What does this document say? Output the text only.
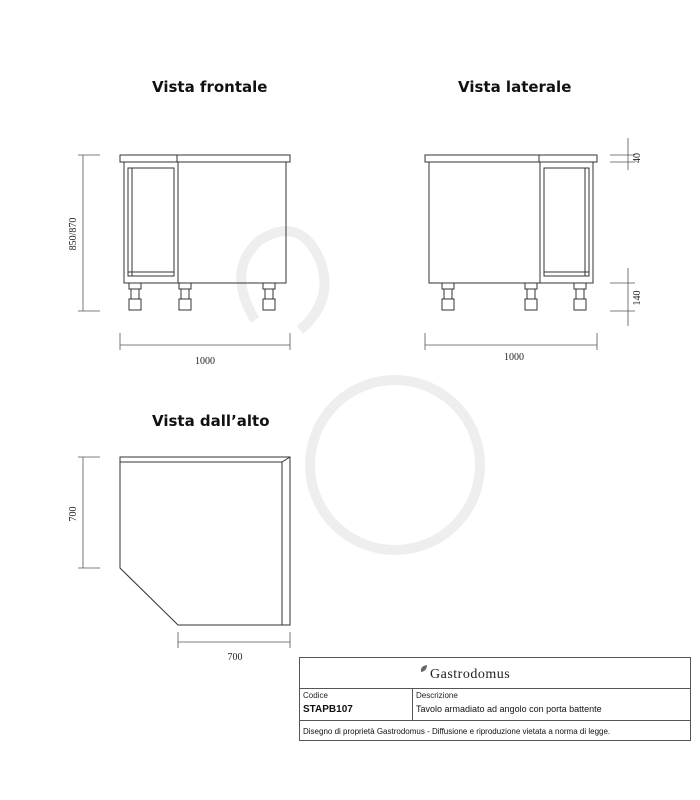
Vista frontale	Vista laterale
Vista dall’alto
850/870
1000
40
140
1000
700
700
Gastrodomus
Codice
STAPB107
Descrizione
Tavolo armadiato ad angolo con porta battente
Disegno di proprietà Gastrodomus - Diffusione e riproduzione vietata a norma di legge.
